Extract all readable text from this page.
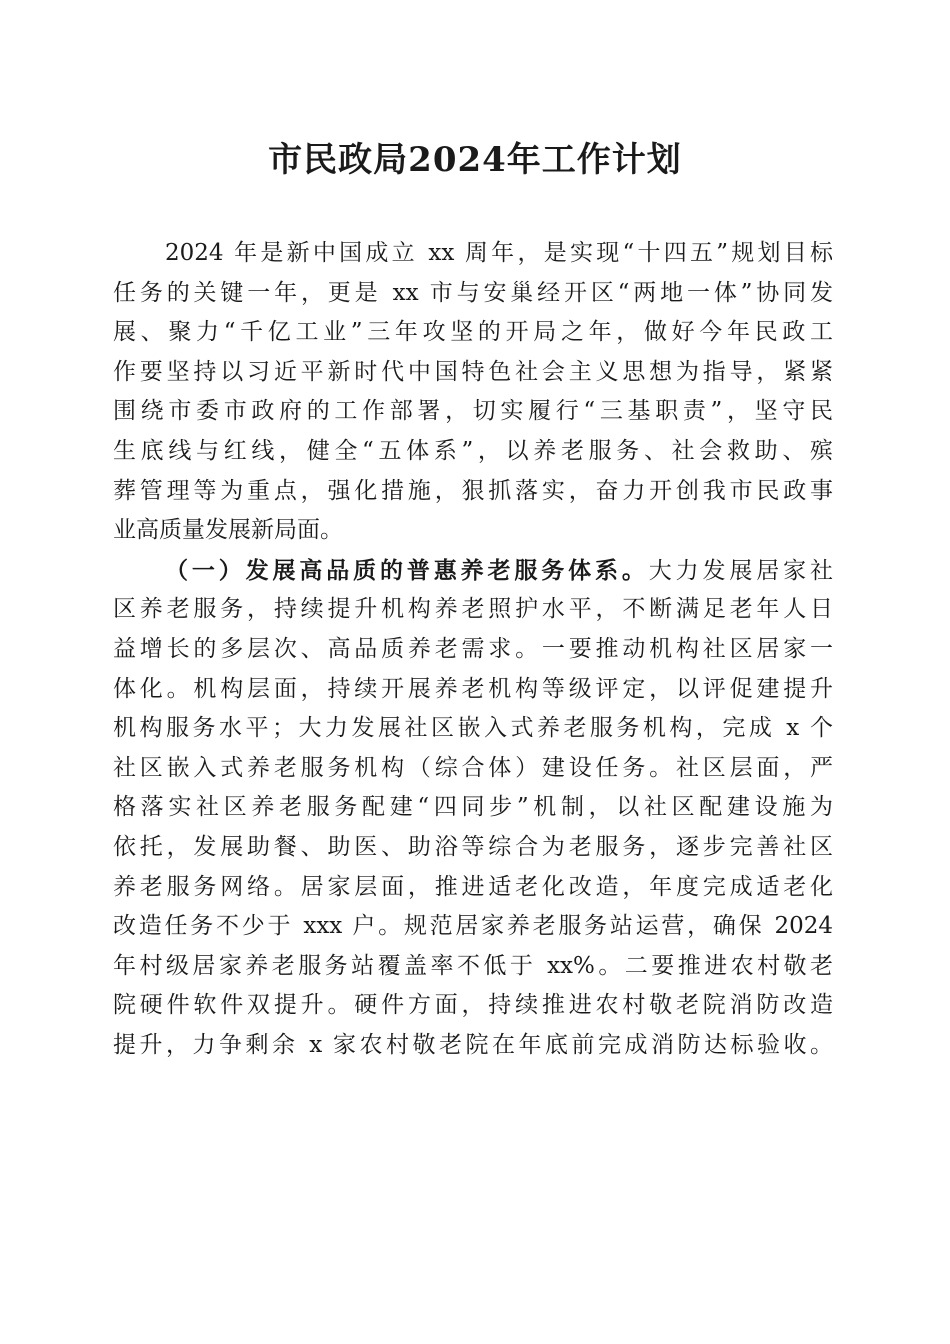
市民政局2024年工作计划
2024 年是新中国成立 xx 周年，是实现“十四五”规划目标
任务的关键一年，更是 xx 市与安巢经开区“两地一体”协同发
展、聚力“千亿工业”三年攻坚的开局之年，做好今年民政工
作要坚持以习近平新时代中国特色社会主义思想为指导，紧紧
围绕市委市政府的工作部署，切实履行“三基职责”，坚守民
生底线与红线，健全“五体系”，以养老服务、社会救助、殡
葬管理等为重点，强化措施，狠抓落实，奋力开创我市民政事
业高质量发展新局面。
（一）发展高品质的普惠养老服务体系。大力发展居家社
区养老服务，持续提升机构养老照护水平，不断满足老年人日
益增长的多层次、高品质养老需求。一要推动机构社区居家一
体化。机构层面，持续开展养老机构等级评定，以评促建提升
机构服务水平；大力发展社区嵌入式养老服务机构，完成 x 个
社区嵌入式养老服务机构（综合体）建设任务。社区层面，严
格落实社区养老服务配建“四同步”机制，以社区配建设施为
依托，发展助餐、助医、助浴等综合为老服务，逐步完善社区
养老服务网络。居家层面，推进适老化改造，年度完成适老化
改造任务不少于 xxx 户。规范居家养老服务站运营，确保 2024
年村级居家养老服务站覆盖率不低于 xx%。二要推进农村敬老
院硬件软件双提升。硬件方面，持续推进农村敬老院消防改造
提升，力争剩余 x 家农村敬老院在年底前完成消防达标验收。
